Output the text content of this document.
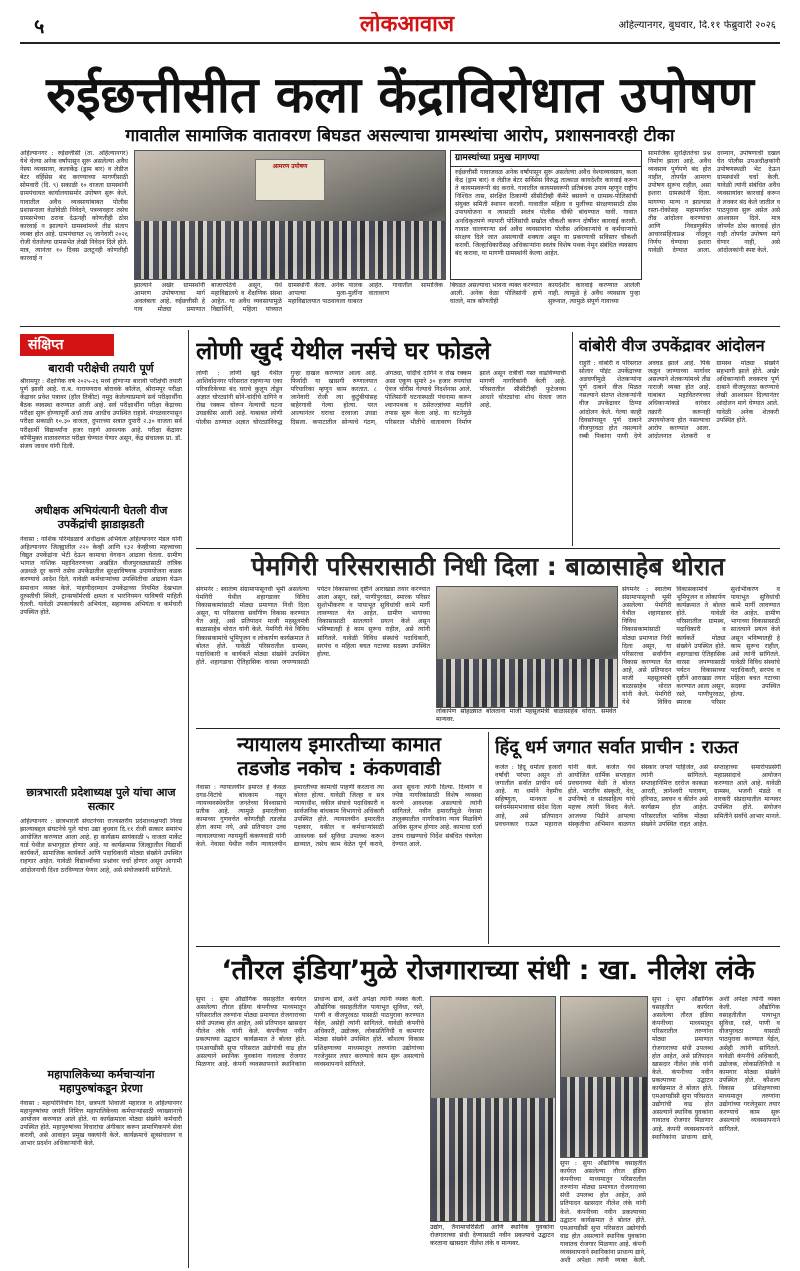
५	लोकआवाज	अहिल्यानगर, बुधवार, दि.११ फेब्रुवारी २०२६
रुईछत्तीसीत कला केंद्राविरोधात उपोषण
गावातील सामाजिक वातावरण बिघडत असल्याचा ग्रामस्थांचा आरोप, प्रशासनावरही टीका
अहिल्यानगर : रुईछत्तीसी (ता. अहिल्यानगर) येथे चेल्या अनेक वर्षांपासून सुरू असलेल्या अवैध नेस्या व्यवसाया, कलाकेंद्र (ड्राम बार) व लेडीज बेटर वर्हिसेस बंद करण्याच्या मागणीसाठी सोमवारी (दि. ९) सकाळी १० वाजता ग्रामस्थांनी ग्रामपंचायत कार्यालयासमोर उपोषण सुरू केले. गावातील अवैध व्यवसायांबाबत पोलीस प्रशासनाला वेळोवेळी निवेदने, पत्रव्यवहार तसेच ग्रामसभेच्या ठरावा देऊनही कोणतीही ठोस कारवाई न झाल्याने ग्रामस्थांमध्ये तीव्र संताप व्यक्त होत आहे. ग्रामपंचायत २६ जानेवारी २०२६ रोजी घेतलेल्या ग्रामसभेत लेखी निवेदन दिले होते. मात्र, त्यानंतर १० दिवस उलटूनही कोणतीही कारवाई न
आमरण उपोषण
झाल्याने अखेर ग्रामस्थांनी आमरण उपोषणाचा मार्ग अवलंबला आहे. रुईछत्तीसी हे गाव मोठ्या प्रमाणात बाजारपेठेचे असून, येथे महाविद्यालये व शैक्षणिक संस्था आहेत. या अवैध व्यवसायामुळे विद्यार्थिनी, महिला यांच्यात
ग्रामस्थांनी केला. अनेक पालक आपल्या मुला-मुलींना महाविद्यालयात पाठवायला घाबरत आहेत. गावातील सामाजिक वातावरण
ग्रामस्थांच्या प्रमुख मागण्या
रुईछत्तीसी गावाजवळ अनेक वर्षांपासून सुरू असलेल्या अवैध वेश्याव्यवसाय, कला केंद्र (ड्राम बार) व लेडीज बेटर सर्विसेस विरुद्ध तात्काळ कायदेशीर कारवाई करून ते कायमस्वरूपी बंद करावे. गावातील कायमस्वरूपी प्रतिबंधक उपाय म्हणून राष्ट्रीय निश्चित तास, संरक्षित ठिकाणी सीसीटीव्ही कॅमेरे बसवणे व ग्रामस्थ-पोलिसांची संयुक्त समिती स्थापन करावी. गावातील महिला व मुलींच्या संरक्षणासाठी ठोस उपाययोजना व त्यासाठी स्वतंत्र पोलीस चौकी बांधण्यात यावी. गावात अनधिकृतपणे व्यापारी पोलिसांची सखोल चौकशी करून दोषींवर कारवाई करावी. गावात चालणाऱ्या सर्व अवैध व्यवसायांना पोलीस अधिकाऱ्यांचे व कर्मचाऱ्यांचे संरक्षण दिले जात असल्याची शक्यता असून या प्रकरणाची सविस्तर चौकशी करावी. जिल्हाधिकारीसह अधिकाऱ्यांना स्वतंत्र विशेष पथक नेमून संबंधित व्यवसाय बंद करावा, या मागणी ग्रामस्थांनी केल्या आहेत.
बिघडत असल्याचा भावना व्यक्त करण्यात आली. अनेक वेळा पोलिसांनी हाणे घातले, मात्र कोणतीही
कायदेशीर कारवाई करण्यात आलेली नाही. त्यामुळे हे अवैध व्यवसाय पुन्हा सुरूवात, त्यामुळे संपूर्ण गावाच्या
सामाजिक सुरक्षिततेचा प्रश्न निर्माण झाला आहे. अवैध व्यवसाय पूर्णपणे बंद होत नाहीत, तोपर्यंत आमरण उपोषण सुरूच राहील, असा इशारा ग्रामस्थांनी दिला. मागण्या मान्य न झाल्यास रस्ता-रोकोसह महामार्गावर तीव्र आंदोलन करण्याचा आणि निवडणुकीत आचारसंहिताप्रश्न नोंदवून निर्णय घेण्याचा इशारा यावेळी देण्यात आला. दरम्यान, उपोषणाची दखल घेत पोलीस उपअधीक्षकांनी उपोषणस्थळी भेट देऊन ग्रामस्थांशी चर्चा केली. यावेळी त्यांनी संबंधित अवैध व्यवसायांवर कारवाई करून ते लवकर बंद केले जातील व पाठपुरावा सुरू असेल असे आश्वासन दिले. मात्र जोपर्यंत ठोस कारवाई होत नाही तोपर्यंत उपोषण मागे घेणार नाही, असे आंदोलकांनी स्पष्ट केले.
संक्षिप्त
बारावी परीक्षेची तयारी पूर्ण
श्रीरामपूर : शैक्षणिक वर्ष २०२५-२६ मध्ये होणाऱ्या बारावी परीक्षेची तयारी पूर्ण झाली आहे. रा.ब. नारायणराव बोरावके कॉलेज, श्रीरामपूर परीक्षा केंद्रावर प्रवेश पत्रावर (हॉल तिकीट) नमूद केलेल्याप्रमाणे सर्व परीक्षार्थींना बैठक व्यवस्था करण्यात आली आहे. सर्व परीक्षार्थींना परीक्षा केंद्राच्या परीक्षा सुरू होण्यापूर्वी अर्धा तास आधीच उपस्थित राहावे. मंगळवारपासून परीक्षा सकाळी १०.३० वाजता, दुपारच्या सत्रात दुपारी २.३० वाजता सर्व परीक्षार्थी विद्यार्थ्यांना हजर राहणे आवश्यक आहे. परीक्षा केंद्रावर कॉपीमुक्त वातावरणात परीक्षा घेण्यात येणार असून, केंद्र संचालक प्रा. डॉ. संजय जाधव यांनी दिली.
अधीक्षक अभियंत्यानी घेतली वीज उपकेंद्रांची झाडाझडती
नेवासा : नाशिक परिमंडळाचे अधीक्षक अभियंता अहिल्यानगर मंडल यांनी अहिल्यानगर जिल्ह्यातील २२० केव्ही आणि १३२ केव्हीच्या महत्त्वाच्या विद्युत उपकेंद्रांना भेटी देऊन कामाचा वेगवान आढावा घेतला. ग्रामीण भागात नाशिक महावितरणच्या अखंडित वीजपुरवठ्यासाठी तांत्रिक अडथळे दूर करणे तसेच उपकेंद्रातील सुरक्षाविषयक उपाययोजना कडक करण्याचे आदेश दिले. यावेळी कर्मचाऱ्यांच्या उपस्थितीचा आढावा घेऊन समाधान व्यक्त केले. पाहणीदरम्यान उपकेंद्राच्या नियमित देखभाल दुरुस्तीची स्थिती, ट्रान्सफॉर्मरची क्षमता व भारनियमन याविषयी माहिती घेतली. यावेळी उपकार्यकारी अभियंता, सहाय्यक अभियंता व कर्मचारी उपस्थित होते.
छात्रभारती प्रदेशाध्यक्ष पुले यांचा आज सत्कार
अहिल्यानगर : छात्रभारती संघटनेच्या राज्यस्तरीय प्रदेशाध्यक्षपदी निवड झाल्याबद्दल संघटनेचे पुले यांचा उद्या बुधवार दि.११ रोजी सत्कार समारंभ आयोजित करण्यात आला आहे. हा कार्यक्रम सायंकाळी ५ वाजता मार्केट यार्ड येथील सभागृहात होणार आहे. या कार्यक्रमास जिल्ह्यातील विद्यार्थी कार्यकर्ते, सामाजिक कार्यकर्ते आणि पदाधिकारी मोठ्या संख्येने उपस्थित राहणार आहेत. यावेळी विद्यार्थ्यांच्या प्रश्नांवर चर्चा होणार असून आगामी आंदोलनाची दिशा ठरविण्यात येणार आहे, असे संयोजकांनी सांगितले.
महापालिकेच्या कर्मचाऱ्यांना महापुरुषांकडून प्रेरणा
नेवासा : महापरिनिर्वाण दिन, छत्रपती शिवाजी महाराज व अहिल्यानगर महापुरुषांच्या जयंती निमित्त महापालिकेच्या कर्मचाऱ्यांसाठी व्याख्यानाचे आयोजन करण्यात आले होते. या कार्यक्रमाला मोठ्या संख्येने कर्मचारी उपस्थित होते. महापुरुषांच्या विचारांचा अंगीकार करून प्रामाणिकपणे सेवा करावी, असे आवाहन प्रमुख वक्त्यांनी केले. कार्यक्रमाचे सूत्रसंचालन व आभार प्रदर्शन अधिकाऱ्यांनी केले.
लोणी खुर्द येथील नर्सचे घर फोडले
लोणी : लोणी खुर्द येथील आशिर्वादनगर परिसरात राहणाऱ्या एका परिचारिकेच्या बंद घराचे कुलूप तोडून अज्ञात चोरट्यांनी सोने-चांदीचे दागिने व रोख रक्कम चोरून नेल्याची घटना उघडकीस आली आहे. याबाबत लोणी पोलीस ठाण्यात अज्ञात चोरट्यांविरुद्ध गुन्हा दाखल करण्यात आला आहे. फिर्यादी या खासगी रुग्णालयात परिचारिका म्हणून काम करतात. ८ जानेवारी रोजी त्या कुटुंबीयांसह बाहेरगावी गेल्या होत्या. परत आल्यानंतर घराचा दरवाजा उघडा दिसला. कपाटातील सोन्याचे गंठण, अंगठ्या, चांदीचे दागिने व रोख रक्कम असा एकूण सुमारे ३० हजार रुपयांचा ऐवज चोरीस गेल्याचे निदर्शनास आले. पोलिसांनी घटनास्थळी पंचनामा करून श्वानपथक व ठसेतज्ज्ञांच्या मदतीने तपास सुरू केला आहे. या घटनेमुळे परिसरात भीतीचे वातावरण निर्माण झाले असून रात्रीची गस्त वाढविण्याची मागणी नागरिकांनी केली आहे. परिसरातील सीसीटीव्ही फुटेजच्या आधारे चोरट्यांचा शोध घेतला जात आहे.
वांबोरी वीज उपकेंद्रावर आंदोलन
राहुरी : वांबोरी व परिसरात सोलार पॉइंट उपकेंद्राच्या अडचणीमुळे शेतकऱ्यांना पूर्ण दाबाने वीज मिळत नसल्याने संतप्त शेतकऱ्यांनी वीज उपकेंद्रावर ठिय्या आंदोलन केले. गेल्या काही दिवसांपासून पूर्ण दाबाने वीजपुरवठा होत नसल्याने रब्बी पिकांना पाणी देणे अवघड झाले आहे. पिके जळून जाण्याच्या मार्गावर असल्याने शेतकऱ्यांमध्ये तीव्र नाराजी व्यक्त होत आहे. याबाबत महावितरणच्या अधिकाऱ्यांकडे वारंवार तक्रारी करूनही उपाययोजना होत नसल्याचा आरोप करण्यात आला. आंदोलनात शेतकरी व ग्रामस्थ मोठ्या संख्येने सहभागी झाले होते. अखेर अधिकाऱ्यांनी लवकरच पूर्ण दाबाने वीजपुरवठा करण्याचे लेखी आश्वासन दिल्यानंतर आंदोलन मागे घेण्यात आले. यावेळी अनेक शेतकरी उपस्थित होते.
पेमगिरी परिसरासाठी निधी दिला : बाळासाहेब थोरात
संगमनेर : स्वातंत्र्य संग्रामापासूनची भूमी असलेल्या पेमगिरी येथील शहागडावर विविध विकासकामांसाठी मोठ्या प्रमाणात निधी दिला असून, या परिसराचा सर्वांगीण विकास करण्यात येत आहे, असे प्रतिपादन माजी महसूलमंत्री बाळासाहेब थोरात यांनी केले. पेमगिरी येथे विविध विकासकामांचे भूमिपूजन व लोकार्पण कार्यक्रमात ते बोलत होते. यावेळी परिसरातील ग्रामस्थ, पदाधिकारी व कार्यकर्ते मोठ्या संख्येने उपस्थित होते. शहागडाचा ऐतिहासिक वारसा जपण्यासाठी पर्यटन विकासाच्या दृष्टीने आराखडा तयार करण्यात आला असून, रस्ते, पाणीपुरवठा, स्मारक परिसर सुशोभीकरण व पायाभूत सुविधांची कामे मार्गी लावण्यात येत आहेत. ग्रामीण भागाच्या विकासासाठी सातत्याने प्रयत्न केले असून भविष्यातही हे काम सुरूच राहील, असे त्यांनी सांगितले. यावेळी विविध संस्थांचे पदाधिकारी, सरपंच व महिला बचत गटाच्या सदस्या उपस्थित होत्या.
लोकार्पण सोहळ्यात बोलताना माजी महसूलमंत्री बाळासाहेब थोरात. समवेत मान्यवर.
संगमनेर : स्वातंत्र्य संग्रामापासूनची भूमी असलेल्या पेमगिरी येथील शहागडावर विविध विकासकामांसाठी मोठ्या प्रमाणात निधी दिला असून, या परिसराचा सर्वांगीण विकास करण्यात येत आहे, असे प्रतिपादन माजी महसूलमंत्री बाळासाहेब थोरात यांनी केले. पेमगिरी येथे विविध विकासकामांचे भूमिपूजन व लोकार्पण कार्यक्रमात ते बोलत होते. यावेळी परिसरातील ग्रामस्थ, पदाधिकारी व कार्यकर्ते मोठ्या संख्येने उपस्थित होते. शहागडाचा ऐतिहासिक वारसा जपण्यासाठी पर्यटन विकासाच्या दृष्टीने आराखडा तयार करण्यात आला असून, रस्ते, पाणीपुरवठा, स्मारक परिसर सुशोभीकरण व पायाभूत सुविधांची कामे मार्गी लावण्यात येत आहेत. ग्रामीण भागाच्या विकासासाठी सातत्याने प्रयत्न केले असून भविष्यातही हे काम सुरूच राहील, असे त्यांनी सांगितले. यावेळी विविध संस्थांचे पदाधिकारी, सरपंच व महिला बचत गटाच्या सदस्या उपस्थित होत्या.
न्यायालय इमारतीच्या कामात
तडजोड नकोच : कंकणवाडी
नेवासा : न्यायालयीन इमारत हे केवळ दगड-विटांचे बांधकाम नसून न्यायव्यवस्थेवरील जनतेच्या विश्वासाचे प्रतीक आहे. त्यामुळे इमारतीच्या कामाच्या गुणवत्तेत कोणतीही तडजोड होता कामा नये, असे प्रतिपादन उच्च न्यायालयाच्या न्यायमूर्ती कंकणवाडी यांनी केले. नेवासा येथील नवीन न्यायालयीन इमारतीच्या कामाची पाहणी करताना त्या बोलत होत्या. यावेळी जिल्हा व सत्र न्यायाधीश, वकील संघाचे पदाधिकारी व सार्वजनिक बांधकाम विभागाचे अधिकारी उपस्थित होते. न्यायालयीन इमारतीत पक्षकार, वकील व कर्मचाऱ्यांसाठी आवश्यक सर्व सुविधा उपलब्ध करून द्याव्यात, तसेच काम वेळेत पूर्ण करावे, अशा सूचना त्यांनी दिल्या. दिव्यांग व ज्येष्ठ नागरिकांसाठी विशेष व्यवस्था करणे आवश्यक असल्याचे त्यांनी सांगितले. नवीन इमारतीमुळे नेवासा तालुक्यातील नागरिकांना न्याय मिळविणे अधिक सुलभ होणार आहे. कामाचा दर्जा उत्तम राखण्याचे निर्देश संबंधित यंत्रणेला देण्यात आले.
हिंदू धर्म जगात सर्वात प्राचीन : राऊत
कर्जत : हिंदू धर्माला हजारो वर्षांची परंपरा असून तो जगातील सर्वात प्राचीन धर्म आहे. या धर्माने नेहमीच सहिष्णुता, मानवता व सर्वधर्मसमभावाचा संदेश दिला आहे, असे प्रतिपादन प्रवचनकार राऊत महाराज यांनी केले. कर्जत येथे आयोजित धार्मिक सप्ताहात प्रवचनाच्या वेळी ते बोलत होते. भारतीय संस्कृती, वेद, उपनिषदे व संतसाहित्य यांचे महत्त्व त्यांनी विशद केले. आजच्या पिढीने आपल्या संस्कृतीचा अभिमान बाळगत संस्कार जपले पाहिजेत, असे त्यांनी सांगितले. सप्ताहानिमित्त दररोज काकडा आरती, ज्ञानेश्वरी पारायण, हरिपाठ, प्रवचन व कीर्तन असे कार्यक्रम होत आहेत. परिसरातील भाविक मोठ्या संख्येने उपस्थित राहत आहेत. सप्ताहाच्या समारोपप्रसंगी महाप्रसादाचे आयोजन करण्यात आले आहे. यावेळी ग्रामस्थ, भजनी मंडळे व वारकरी संप्रदायातील मान्यवर उपस्थित होते. संयोजन समितीने सर्वांचे आभार मानले.
‘तौरल इंडिया’मुळे रोजगाराच्या संधी : खा. नीलेश लंके
सुपा : सुपा औद्योगिक वसाहतीत कार्यरत असलेल्या तौरल इंडिया कंपनीच्या माध्यमातून परिसरातील तरुणांना मोठ्या प्रमाणात रोजगाराच्या संधी उपलब्ध होत आहेत, असे प्रतिपादन खासदार नीलेश लंके यांनी केले. कंपनीच्या नवीन प्रकल्पाच्या उद्घाटन कार्यक्रमात ते बोलत होते. एमआयडीसी सुपा परिसरात उद्योगांची वाढ होत असल्याने स्थानिक युवकांना गावातच रोजगार मिळणार आहे. कंपनी व्यवस्थापनाने स्थानिकांना प्राधान्य द्यावे, अशी अपेक्षा त्यांनी व्यक्त केली. औद्योगिक वसाहतीतील पायाभूत सुविधा, रस्ते, पाणी व वीजपुरवठा यासाठी पाठपुरावा करण्यात येईल, असेही त्यांनी सांगितले. यावेळी कंपनीचे अधिकारी, उद्योजक, लोकप्रतिनिधी व कामगार मोठ्या संख्येने उपस्थित होते. कौशल्य विकास प्रशिक्षणाच्या माध्यमातून तरुणांना उद्योगांच्या गरजेनुसार तयार करण्याचे काम सुरू असल्याचे व्यवस्थापनाने सांगितले.
उद्योग, तैनामापरिसिती आणि स्थानिक युवकांना रोजगाराच्या संधी देण्यासाठी नवीन प्रकल्पाचे उद्घाटन करताना खासदार नीलेश लंके व मान्यवर.
सुपा : सुपा औद्योगिक वसाहतीत कार्यरत असलेल्या तौरल इंडिया कंपनीच्या माध्यमातून परिसरातील तरुणांना मोठ्या प्रमाणात रोजगाराच्या संधी उपलब्ध होत आहेत, असे प्रतिपादन खासदार नीलेश लंके यांनी केले. कंपनीच्या नवीन प्रकल्पाच्या उद्घाटन कार्यक्रमात ते बोलत होते. एमआयडीसी सुपा परिसरात उद्योगांची वाढ होत असल्याने स्थानिक युवकांना गावातच रोजगार मिळणार आहे. कंपनी व्यवस्थापनाने स्थानिकांना प्राधान्य द्यावे, अशी अपेक्षा त्यांनी व्यक्त केली. औद्योगिक वसाहतीतील पायाभूत सुविधा, रस्ते, पाणी व वीजपुरवठा यासाठी पाठपुरावा करण्यात येईल, असेही त्यांनी सांगितले. यावेळी कंपनीचे अधिकारी, उद्योजक, लोकप्रतिनिधी व कामगार मोठ्या संख्येने उपस्थित होते. कौशल्य विकास प्रशिक्षणाच्या माध्यमातून तरुणांना उद्योगांच्या गरजेनुसार तयार करण्याचे काम सुरू असल्याचे व्यवस्थापनाने सांगितले.
सुपा : सुपा औद्योगिक वसाहतीत कार्यरत असलेल्या तौरल इंडिया कंपनीच्या माध्यमातून परिसरातील तरुणांना मोठ्या प्रमाणात रोजगाराच्या संधी उपलब्ध होत आहेत, असे प्रतिपादन खासदार नीलेश लंके यांनी केले. कंपनीच्या नवीन प्रकल्पाच्या उद्घाटन कार्यक्रमात ते बोलत होते. एमआयडीसी सुपा परिसरात उद्योगांची वाढ होत असल्याने स्थानिक युवकांना गावातच रोजगार मिळणार आहे. कंपनी व्यवस्थापनाने स्थानिकांना प्राधान्य द्यावे, अशी अपेक्षा त्यांनी व्यक्त केली.
